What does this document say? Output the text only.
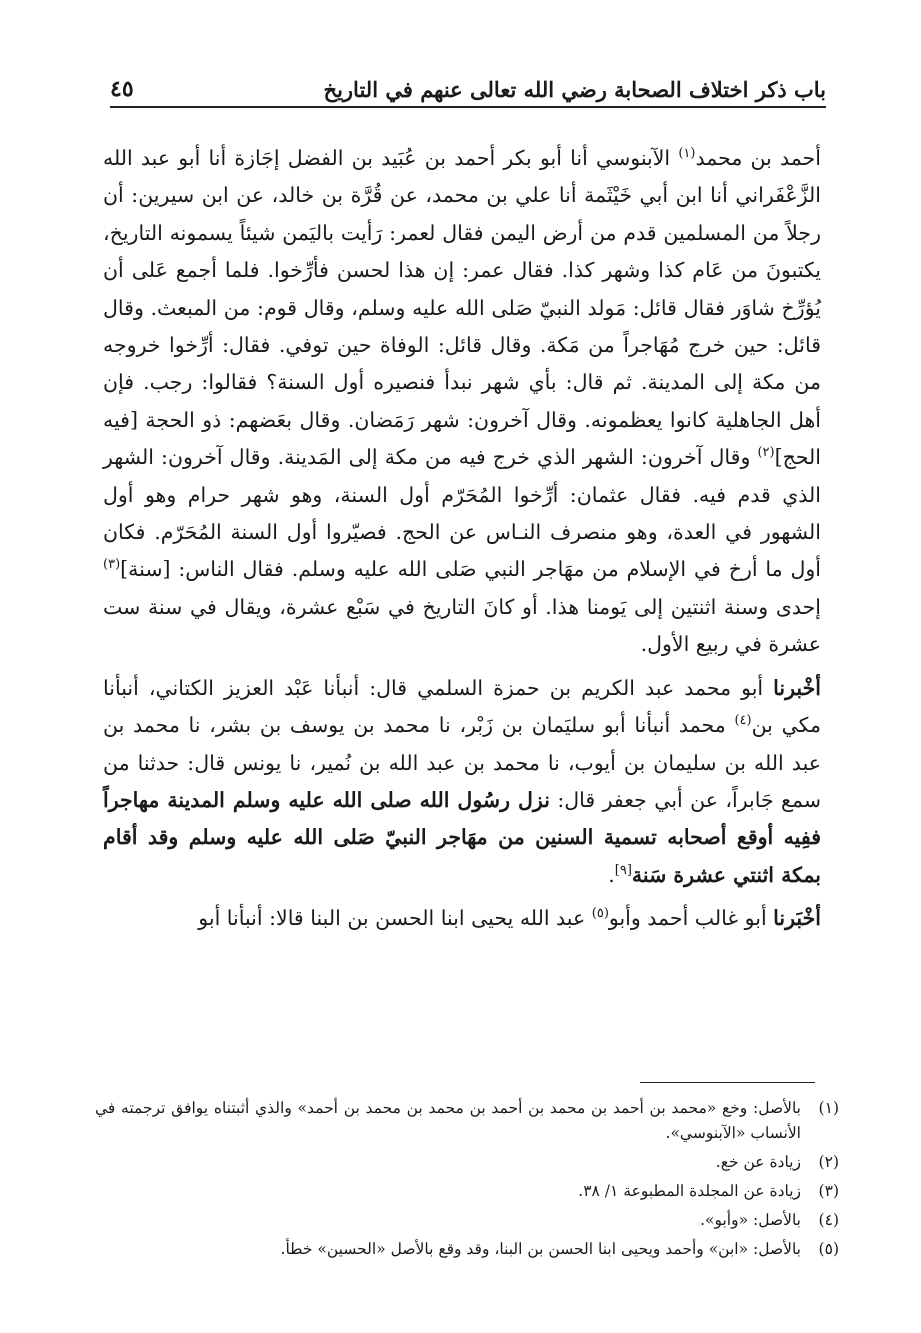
باب ذكر اختلاف الصحابة رضي الله تعالى عنهم في التاريخ
٤٥

أحمد بن محمد$^{(١)}$ الآبنوسي أنا أبو بكر أحمد بن عُبَيد بن الفضل إجَازة أنا أبو عبد الله الزَّعْفَراني أنا ابن أبي خَيْثَمة أنا علي بن محمد، عن قُرَّة بن خالد، عن ابن سيرين: أن رجلاً من المسلمين قدم من أرض اليمن فقال لعمر: رَأيت باليَمن شيئاً يسمونه التاريخ، يكتبونَ من عَام كذا وشهر كذا. فقال عمر: إن هذا لحسن فأرِّخوا. فلما أجمع عَلى أن يُؤرِّخ شاوَر فقال قائل: مَولد النبيّ صَلى الله عليه وسلم، وقال قوم: من المبعث. وقال قائل: حين خرج مُهَاجراً من مَكة. وقال قائل: الوفاة حين توفي. فقال: أرِّخوا خروجه من مكة إلى المدينة. ثم قال: بأي شهر نبدأ فنصيره أول السنة؟ فقالوا: رجب. فإن أهل الجاهلية كانوا يعظمونه. وقال آخرون: شهر رَمَضان. وقال بعَضهم: ذو الحجة [فيه الحج]$^{(٢)}$ وقال آخرون: الشهر الذي خرج فيه من مكة إلى المَدينة. وقال آخرون: الشهر الذي قدم فيه. فقال عثمان: أرِّخوا المُحَرّم أول السنة، وهو شهر حرام وهو أول الشهور في العدة، وهو منصرف النـاس عن الحج. فصيّروا أول السنة المُحَرّم. فكان أول ما أرخ في الإسلام من مهَاجر النبي صَلى الله عليه وسلم. فقال الناس: [سنة]$^{(٣)}$ إحدى وسنة اثنتين إلى يَومنا هذا. أو كانَ التاريخ في سَبْع عشرة، ويقال في سنة ست عشرة في ربيع الأول.

أخْبرنا أبو محمد عبد الكريم بن حمزة السلمي قال: أنبأنا عَبْد العزيز الكتاني، أنبأنا مكي بن$^{(٤)}$ محمد أنبأنا أبو سليَمان بن زَبْر، نا محمد بن يوسف بن بشر، نا محمد بن عبد الله بن سليمان بن أيوب، نا محمد بن عبد الله بن نُمير، نا يونس قال: حدثنا من سمع جَابراً، عن أبي جعفر قال: نزل رسُول الله صلى الله عليه وسلم المدينة مهاجراً ففِيه أوقع أصحابه تسمية السنين من مهَاجر النبيّ صَلى الله عليه وسلم وقد أقام بمكة اثنتي عشرة سَنة[٩].

أخْبَرنا أبو غالب أحمد وأبو$^{(٥)}$ عبد الله يحيى ابنا الحسن بن البنا قالا: أنبأنا أبو

(١)
بالأصل: وخع «محمد بن أحمد بن محمد بن أحمد بن محمد بن محمد بن أحمد» والذي أثبتناه يوافق ترجمته في الأنساب «الآبنوسي».
(٢)
زيادة عن خع.
(٣)
زيادة عن المجلدة المطبوعة ١/ ٣٨.
(٤)
بالأصل: «وأبو».
(٥)
بالأصل: «ابن» وأحمد ويحيى ابنا الحسن بن البنا، وقد وقع بالأصل «الحسين» خطأ.
